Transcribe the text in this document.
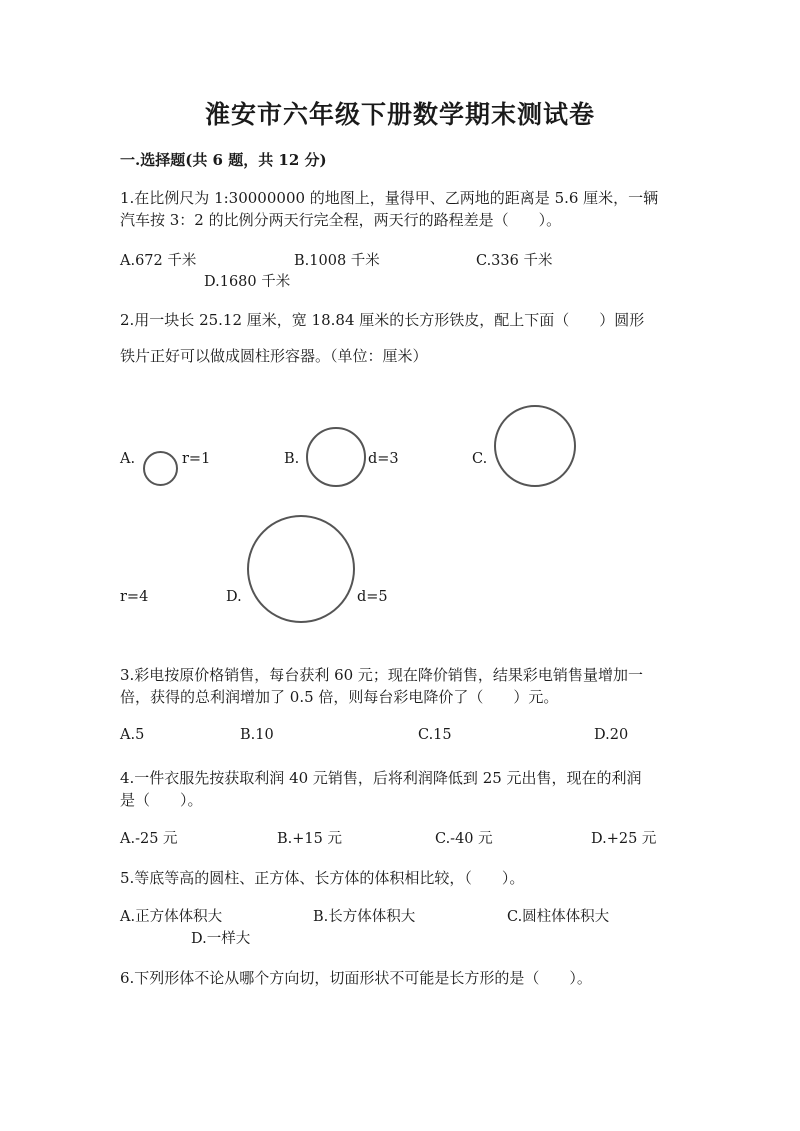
淮安市六年级下册数学期末测试卷
一.选择题(共 6 题，共 12 分)
1.在比例尺为 1:30000000 的地图上，量得甲、乙两地的距离是 5.6 厘米，一辆
汽车按 3：2 的比例分两天行完全程，两天行的路程差是（　　）。
A.672 千米	B.1008 千米	C.336 千米
D.1680 千米
2.用一块长 25.12 厘米，宽 18.84 厘米的长方形铁皮，配上下面（　　）圆形
铁片正好可以做成圆柱形容器。（单位：厘米）
A.	r=1	B.	d=3	C.
r=4	D.	d=5
3.彩电按原价格销售，每台获利 60 元；现在降价销售，结果彩电销售量增加一
倍，获得的总利润增加了 0.5 倍，则每台彩电降价了（　　）元。
A.5	B.10	C.15	D.20
4.一件衣服先按获取利润 40 元销售，后将利润降低到 25 元出售，现在的利润
是（　　）。
A.-25 元	B.+15 元	C.-40 元	D.+25 元
5.等底等高的圆柱、正方体、长方体的体积相比较，（　　）。
A.正方体体积大	B.长方体体积大	C.圆柱体体积大
D.一样大
6.下列形体不论从哪个方向切，切面形状不可能是长方形的是（　　）。
